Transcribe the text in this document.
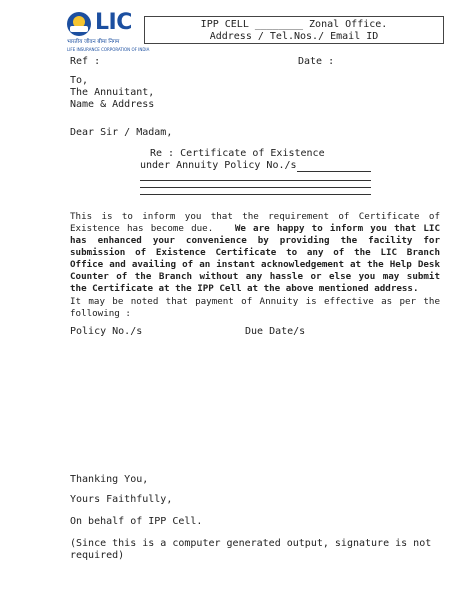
LIC
भारतीय जीवन बीमा निगम
LIFE INSURANCE CORPORATION OF INDIA
IPP CELL ________ Zonal Office.
Address / Tel.Nos./ Email ID
Ref :	Date :
To,
The Annuitant,
Name & Address
Dear Sir / Madam,
Re : Certificate of Existence
under Annuity Policy No./s
This is to inform you that the requirement of Certificate of Existence has become due. We are happy to inform you that LIC has enhanced your convenience by providing the facility for submission of Existence Certificate to any of the LIC Branch Office and availing of an instant acknowledgement at the Help Desk Counter of the Branch without any hassle or else you may submit the Certificate at the IPP Cell at the above mentioned address.
It may be noted that payment of Annuity is effective as per the following :
Policy No./s	Due Date/s
Thanking You,
Yours Faithfully,
On behalf of IPP Cell.
(Since this is a computer generated output, signature is not
required)
